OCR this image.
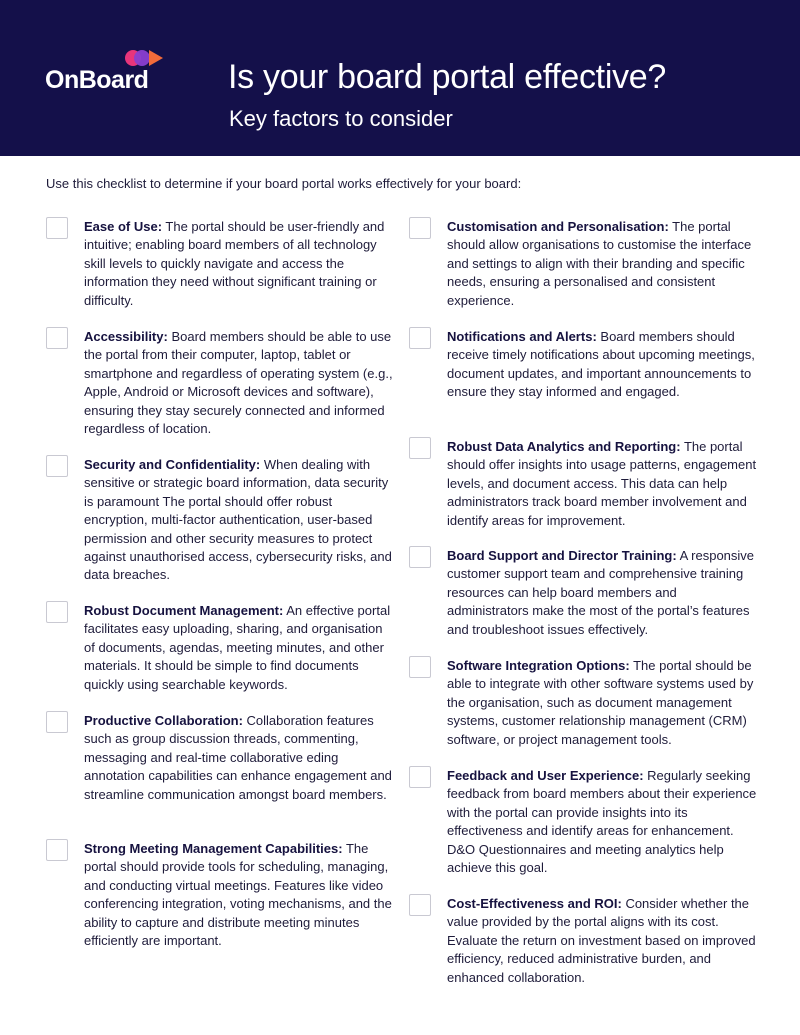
OnBoard Is your board portal effective?
Key factors to consider
Use this checklist to determine if your board portal works effectively for your board:
Ease of Use: The portal should be user-friendly and intuitive; enabling board members of all technology skill levels to quickly navigate and access the information they need without significant training or difficulty.
Accessibility: Board members should be able to use the portal from their computer, laptop, tablet or smartphone and regardless of operating system (e.g., Apple, Android or Microsoft devices and software), ensuring they stay securely connected and informed regardless of location.
Security and Confidentiality: When dealing with sensitive or strategic board information, data security is paramount The portal should offer robust encryption, multi-factor authentication, user-based permission and other security measures to protect against unauthorised access, cybersecurity risks, and data breaches.
Robust Document Management: An effective portal facilitates easy uploading, sharing, and organisation of documents, agendas, meeting minutes, and other materials. It should be simple to find documents quickly using searchable keywords.
Productive Collaboration: Collaboration features such as group discussion threads, commenting, messaging and real-time collaborative eding annotation capabilities can enhance engagement and streamline communication amongst board members.
Strong Meeting Management Capabilities: The portal should provide tools for scheduling, managing, and conducting virtual meetings. Features like video conferencing integration, voting mechanisms, and the ability to capture and distribute meeting minutes efficiently are important.
Customisation and Personalisation: The portal should allow organisations to customise the interface and settings to align with their branding and specific needs, ensuring a personalised and consistent experience.
Notifications and Alerts: Board members should receive timely notifications about upcoming meetings, document updates, and important announcements to ensure they stay informed and engaged.
Robust Data Analytics and Reporting: The portal should offer insights into usage patterns, engagement levels, and document access. This data can help administrators track board member involvement and identify areas for improvement.
Board Support and Director Training: A responsive customer support team and comprehensive training resources can help board members and administrators make the most of the portal’s features and troubleshoot issues effectively.
Software Integration Options: The portal should be able to integrate with other software systems used by the organisation, such as document management systems, customer relationship management (CRM) software, or project management tools.
Feedback and User Experience: Regularly seeking feedback from board members about their experience with the portal can provide insights into its effectiveness and identify areas for enhancement. D&O Questionnaires and meeting analytics help achieve this goal.
Cost-Effectiveness and ROI: Consider whether the value provided by the portal aligns with its cost. Evaluate the return on investment based on improved efficiency, reduced administrative burden, and enhanced collaboration.
